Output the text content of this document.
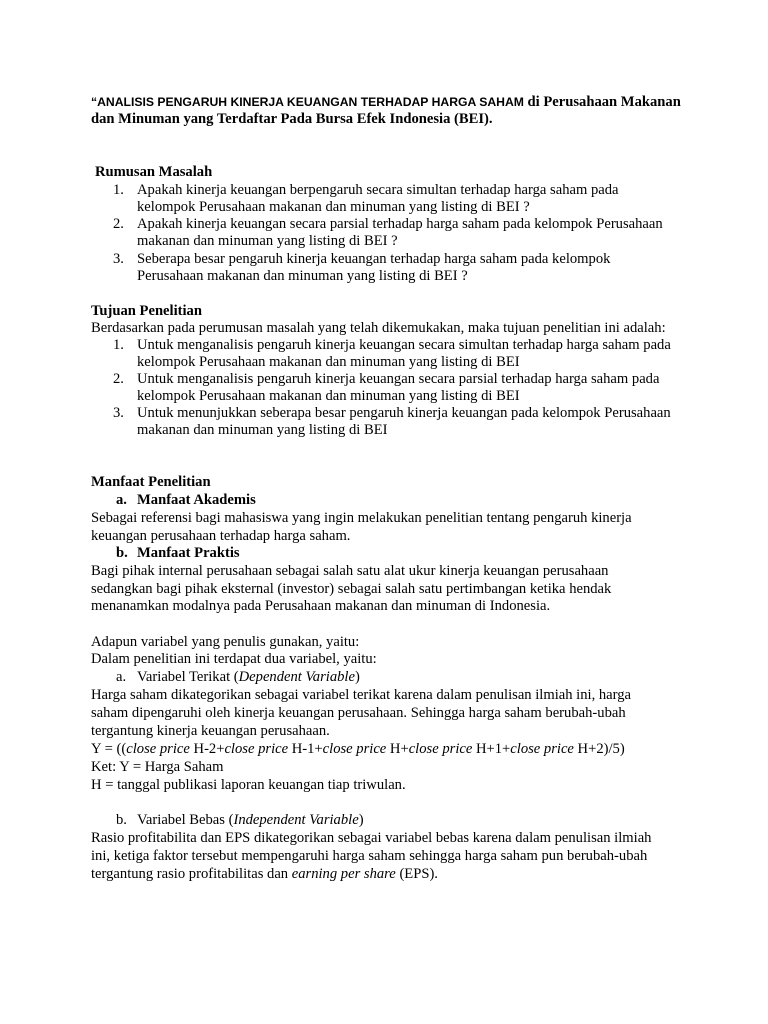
“ANALISIS PENGARUH KINERJA KEUANGAN TERHADAP HARGA SAHAM di Perusahaan Makanan
dan Minuman yang Terdaftar Pada Bursa Efek Indonesia (BEI).
Rumusan Masalah
1. Apakah kinerja keuangan berpengaruh secara simultan terhadap harga saham pada
kelompok Perusahaan makanan dan minuman yang listing di BEI ?
2. Apakah kinerja keuangan secara parsial terhadap harga saham pada kelompok Perusahaan
makanan dan minuman yang listing di BEI ?
3. Seberapa besar pengaruh kinerja keuangan terhadap harga saham pada kelompok
Perusahaan makanan dan minuman yang listing di BEI ?
Tujuan Penelitian
Berdasarkan pada perumusan masalah yang telah dikemukakan, maka tujuan penelitian ini adalah:
1. Untuk menganalisis pengaruh kinerja keuangan secara simultan terhadap harga saham pada
kelompok Perusahaan makanan dan minuman yang listing di BEI
2. Untuk menganalisis pengaruh kinerja keuangan secara parsial terhadap harga saham pada
kelompok Perusahaan makanan dan minuman yang listing di BEI
3. Untuk menunjukkan seberapa besar pengaruh kinerja keuangan pada kelompok Perusahaan
makanan dan minuman yang listing di BEI
Manfaat Penelitian
a. Manfaat Akademis
Sebagai referensi bagi mahasiswa yang ingin melakukan penelitian tentang pengaruh kinerja
keuangan perusahaan terhadap harga saham.
b. Manfaat Praktis
Bagi pihak internal perusahaan sebagai salah satu alat ukur kinerja keuangan perusahaan
sedangkan bagi pihak eksternal (investor) sebagai salah satu pertimbangan ketika hendak
menanamkan modalnya pada Perusahaan makanan dan minuman di Indonesia.
Adapun variabel yang penulis gunakan, yaitu:
Dalam penelitian ini terdapat dua variabel, yaitu:
a. Variabel Terikat (Dependent Variable)
Harga saham dikategorikan sebagai variabel terikat karena dalam penulisan ilmiah ini, harga
saham dipengaruhi oleh kinerja keuangan perusahaan. Sehingga harga saham berubah-ubah
tergantung kinerja keuangan perusahaan.
Y = ((close price H-2+close price H-1+close price H+close price H+1+close price H+2)/5)
Ket: Y = Harga Saham
H = tanggal publikasi laporan keuangan tiap triwulan.
b. Variabel Bebas (Independent Variable)
Rasio profitabilita dan EPS dikategorikan sebagai variabel bebas karena dalam penulisan ilmiah
ini, ketiga faktor tersebut mempengaruhi harga saham sehingga harga saham pun berubah-ubah
tergantung rasio profitabilitas dan earning per share (EPS).
